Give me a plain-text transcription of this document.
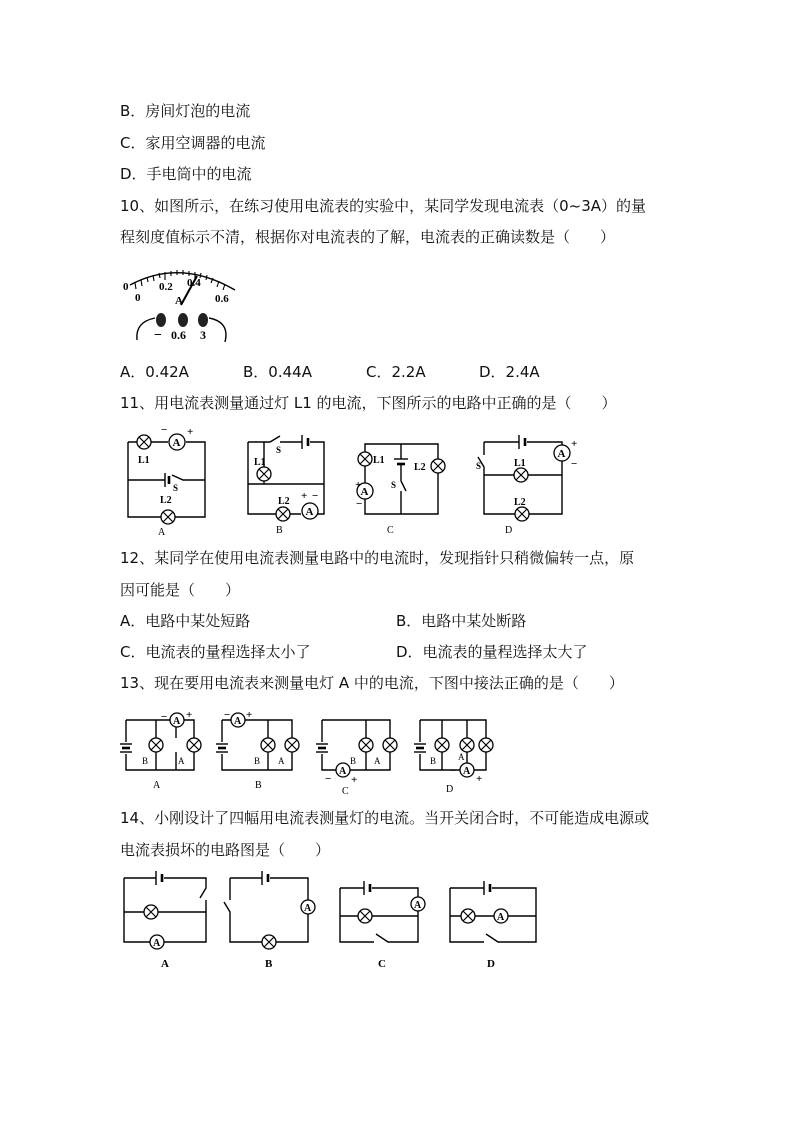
B．房间灯泡的电流
C．家用空调器的电流
D．手电筒中的电流
10、如图所示，在练习使用电流表的实验中，某同学发现电流表（0~3A）的量
程刻度值标示不清，根据你对电流表的了解，电流表的正确读数是（　　）
0
0
0.2 0.4
0.6
A
− 0.6 3
A．0.42A	B．0.44A	C．2.2A	D．2.4A
11、用电流表测量通过灯 L1 的电流，下图所示的电路中正确的是（　　）
A
L1
− +
S
L2
A
A
L1
S
L2 + −
B
A
L1
L2
S
+
−
C
A
L1
L2
S
+
−
D
12、某同学在使用电流表测量电路中的电流时，发现指针只稍微偏转一点，原
因可能是（　　）
A．电路中某处短路	B．电路中某处断路
C．电流表的量程选择太小了	D．电流表的量程选择太大了
13、现在要用电流表来测量电灯 A 中的电流，下图中接法正确的是（　　）
A
B	A
− +
A
A
B A
− +
B
A
B A
− +
C
A
B A
−
+
D
14、小刚设计了四幅用电流表测量灯的电流。当开关闭合时，不可能造成电源或
电流表损坏的电路图是（　　）
A
A
A
B
A
C
A
D
